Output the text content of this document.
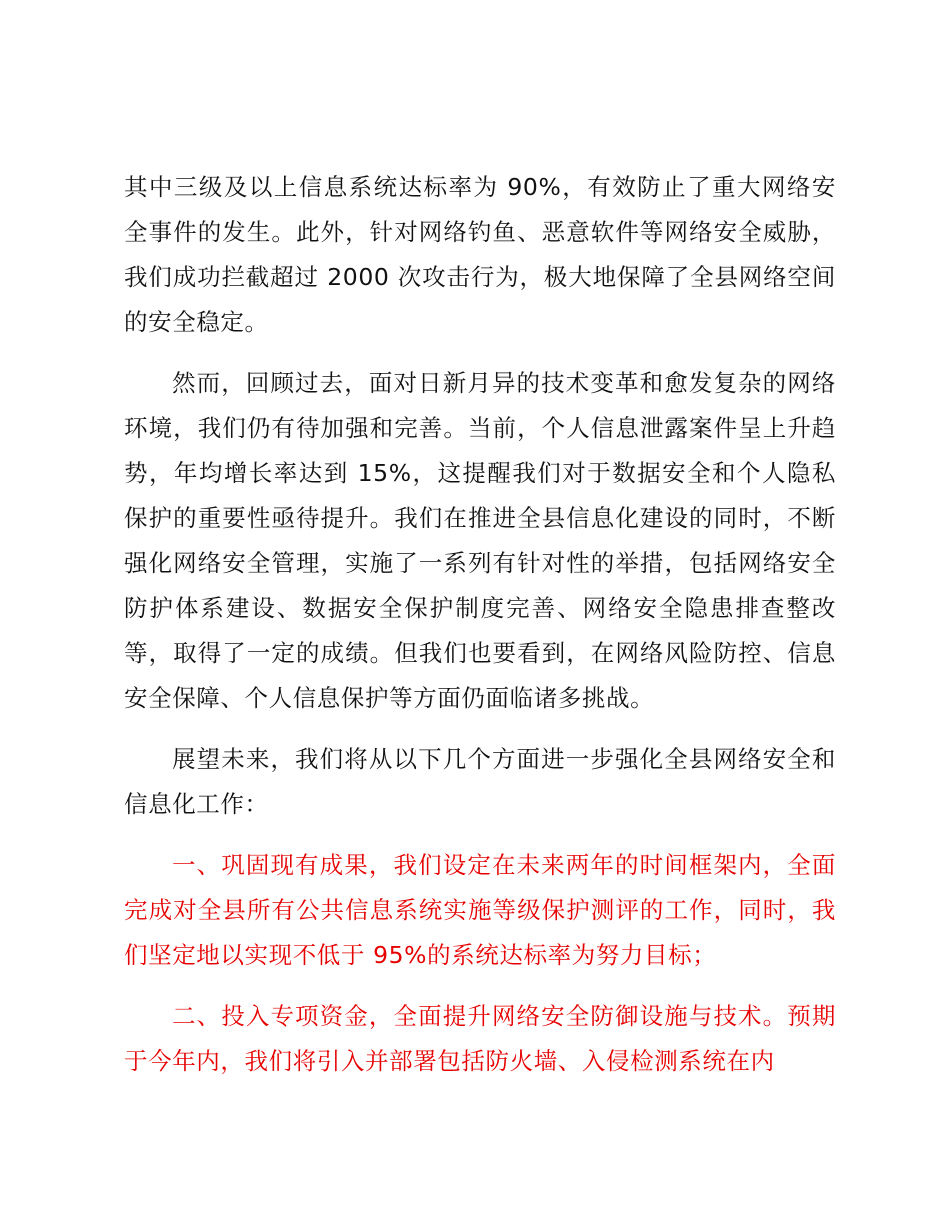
其中三级及以上信息系统达标率为 90%，有效防止了重大网络安全事件的发生。此外，针对网络钓鱼、恶意软件等网络安全威胁，我们成功拦截超过 2000 次攻击行为，极大地保障了全县网络空间的安全稳定。

然而，回顾过去，面对日新月异的技术变革和愈发复杂的网络环境，我们仍有待加强和完善。当前，个人信息泄露案件呈上升趋势，年均增长率达到 15%，这提醒我们对于数据安全和个人隐私保护的重要性亟待提升。我们在推进全县信息化建设的同时，不断强化网络安全管理，实施了一系列有针对性的举措，包括网络安全防护体系建设、数据安全保护制度完善、网络安全隐患排查整改等，取得了一定的成绩。但我们也要看到，在网络风险防控、信息安全保障、个人信息保护等方面仍面临诸多挑战。

展望未来，我们将从以下几个方面进一步强化全县网络安全和信息化工作：

一、巩固现有成果，我们设定在未来两年的时间框架内，全面完成对全县所有公共信息系统实施等级保护测评的工作，同时，我们坚定地以实现不低于 95%的系统达标率为努力目标；

二、投入专项资金，全面提升网络安全防御设施与技术。预期于今年内，我们将引入并部署包括防火墙、入侵检测系统在内
